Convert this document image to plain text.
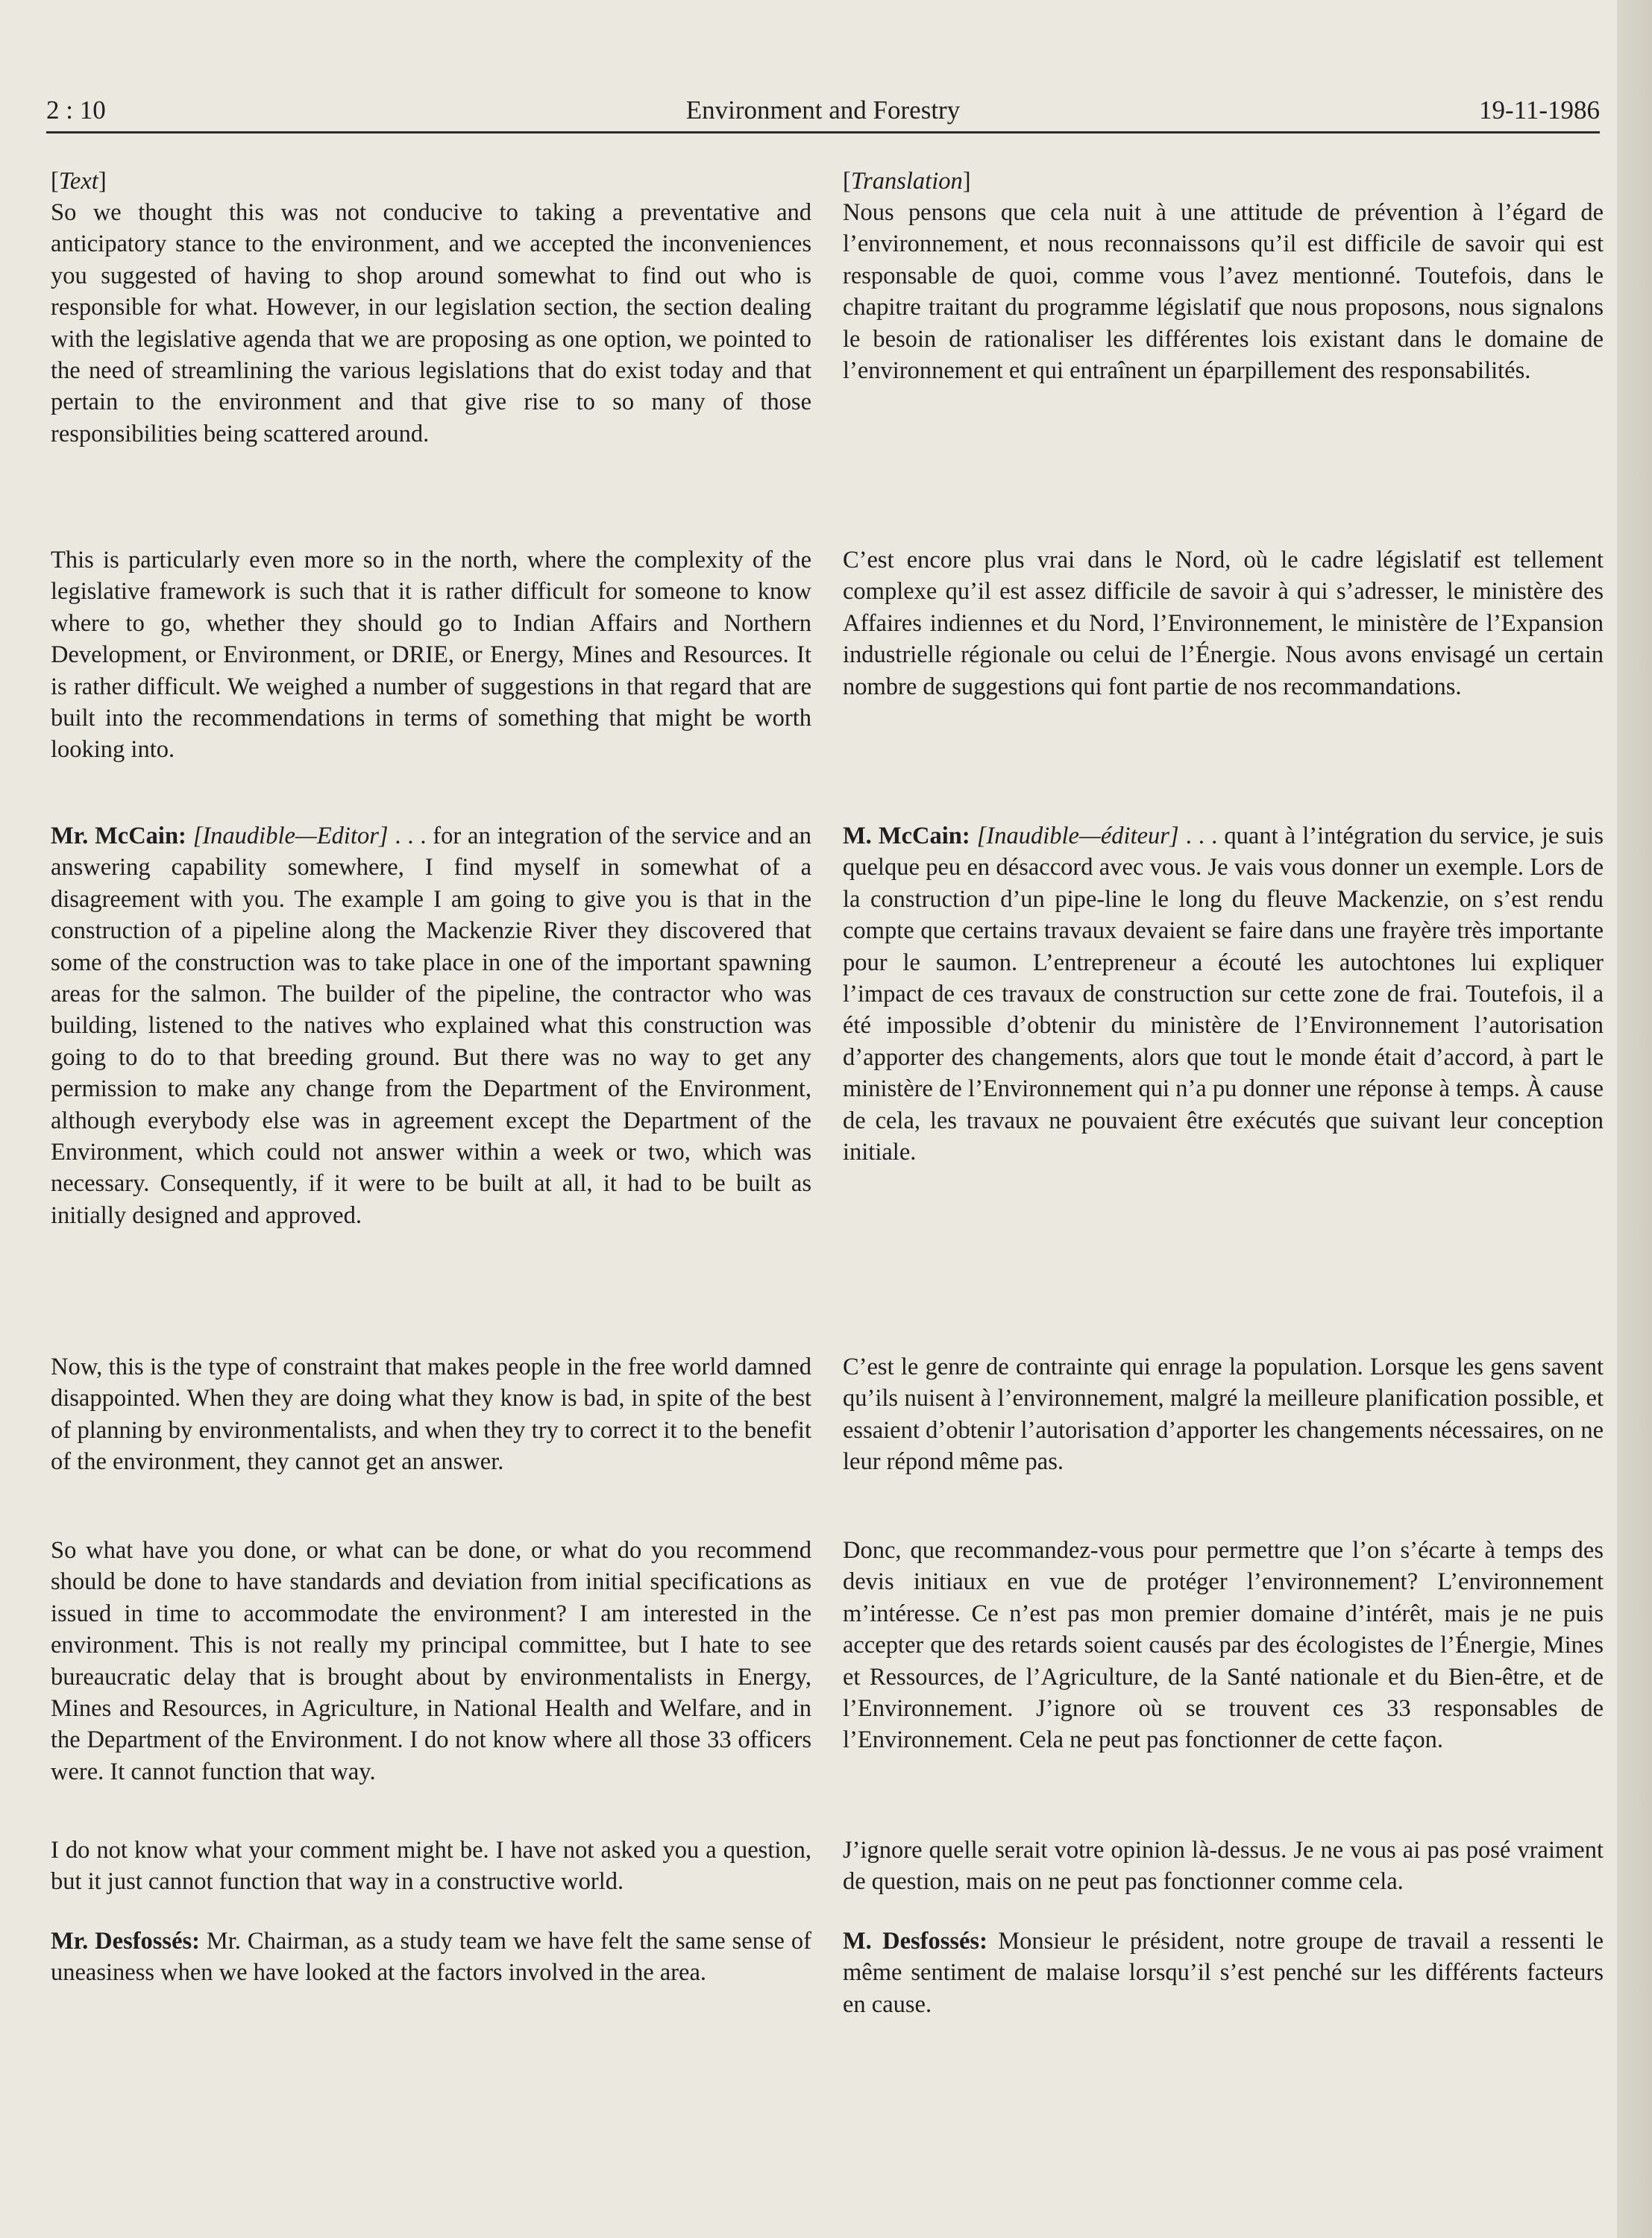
2 : 10	Environment and Forestry	19-11-1986
[Text]

So we thought this was not conducive to taking a preventative and anticipatory stance to the environment, and we accepted the inconveniences you suggested of having to shop around somewhat to find out who is responsible for what. However, in our legislation section, the section dealing with the legislative agenda that we are proposing as one option, we pointed to the need of streamlining the various legislations that do exist today and that pertain to the environment and that give rise to so many of those responsibilities being scattered around.

This is particularly even more so in the north, where the complexity of the legislative framework is such that it is rather difficult for someone to know where to go, whether they should go to Indian Affairs and Northern Development, or Environment, or DRIE, or Energy, Mines and Resources. It is rather difficult. We weighed a number of suggestions in that regard that are built into the recommendations in terms of something that might be worth looking into.

Mr. McCain: [Inaudible—Editor] . . . for an integration of the service and an answering capability somewhere, I find myself in somewhat of a disagreement with you. The example I am going to give you is that in the construction of a pipeline along the Mackenzie River they discovered that some of the construction was to take place in one of the important spawning areas for the salmon. The builder of the pipeline, the contractor who was building, listened to the natives who explained what this construction was going to do to that breeding ground. But there was no way to get any permission to make any change from the Department of the Environment, although everybody else was in agreement except the Department of the Environment, which could not answer within a week or two, which was necessary. Consequently, if it were to be built at all, it had to be built as initially designed and approved.

Now, this is the type of constraint that makes people in the free world damned disappointed. When they are doing what they know is bad, in spite of the best of planning by environmentalists, and when they try to correct it to the benefit of the environment, they cannot get an answer.

So what have you done, or what can be done, or what do you recommend should be done to have standards and deviation from initial specifications as issued in time to accommodate the environment? I am interested in the environment. This is not really my principal committee, but I hate to see bureaucratic delay that is brought about by environmentalists in Energy, Mines and Resources, in Agriculture, in National Health and Welfare, and in the Department of the Environment. I do not know where all those 33 officers were. It cannot function that way.

I do not know what your comment might be. I have not asked you a question, but it just cannot function that way in a constructive world.

Mr. Desfossés: Mr. Chairman, as a study team we have felt the same sense of uneasiness when we have looked at the factors involved in the area.

[Translation]

Nous pensons que cela nuit à une attitude de prévention à l’égard de l’environnement, et nous reconnaissons qu’il est difficile de savoir qui est responsable de quoi, comme vous l’avez mentionné. Toutefois, dans le chapitre traitant du programme législatif que nous proposons, nous signalons le besoin de rationaliser les différentes lois existant dans le domaine de l’environnement et qui entraînent un éparpillement des responsabilités.

C’est encore plus vrai dans le Nord, où le cadre législatif est tellement complexe qu’il est assez difficile de savoir à qui s’adresser, le ministère des Affaires indiennes et du Nord, l’Environnement, le ministère de l’Expansion industrielle régionale ou celui de l’Énergie. Nous avons envisagé un certain nombre de suggestions qui font partie de nos recommandations.

M. McCain: [Inaudible—éditeur] . . . quant à l’intégration du service, je suis quelque peu en désaccord avec vous. Je vais vous donner un exemple. Lors de la construction d’un pipe-line le long du fleuve Mackenzie, on s’est rendu compte que certains travaux devaient se faire dans une frayère très importante pour le saumon. L’entrepreneur a écouté les autochtones lui expliquer l’impact de ces travaux de construction sur cette zone de frai. Toutefois, il a été impossible d’obtenir du ministère de l’Environnement l’autorisation d’apporter des changements, alors que tout le monde était d’accord, à part le ministère de l’Environnement qui n’a pu donner une réponse à temps. À cause de cela, les travaux ne pouvaient être exécutés que suivant leur conception initiale.

C’est le genre de contrainte qui enrage la population. Lorsque les gens savent qu’ils nuisent à l’environnement, malgré la meilleure planification possible, et essaient d’obtenir l’autorisation d’apporter les changements nécessaires, on ne leur répond même pas.

Donc, que recommandez-vous pour permettre que l’on s’écarte à temps des devis initiaux en vue de protéger l’environnement? L’environnement m’intéresse. Ce n’est pas mon premier domaine d’intérêt, mais je ne puis accepter que des retards soient causés par des écologistes de l’Énergie, Mines et Ressources, de l’Agriculture, de la Santé nationale et du Bien-être, et de l’Environnement. J’ignore où se trouvent ces 33 responsables de l’Environnement. Cela ne peut pas fonctionner de cette façon.

J’ignore quelle serait votre opinion là-dessus. Je ne vous ai pas posé vraiment de question, mais on ne peut pas fonctionner comme cela.

M. Desfossés: Monsieur le président, notre groupe de travail a ressenti le même sentiment de malaise lorsqu’il s’est penché sur les différents facteurs en cause.
